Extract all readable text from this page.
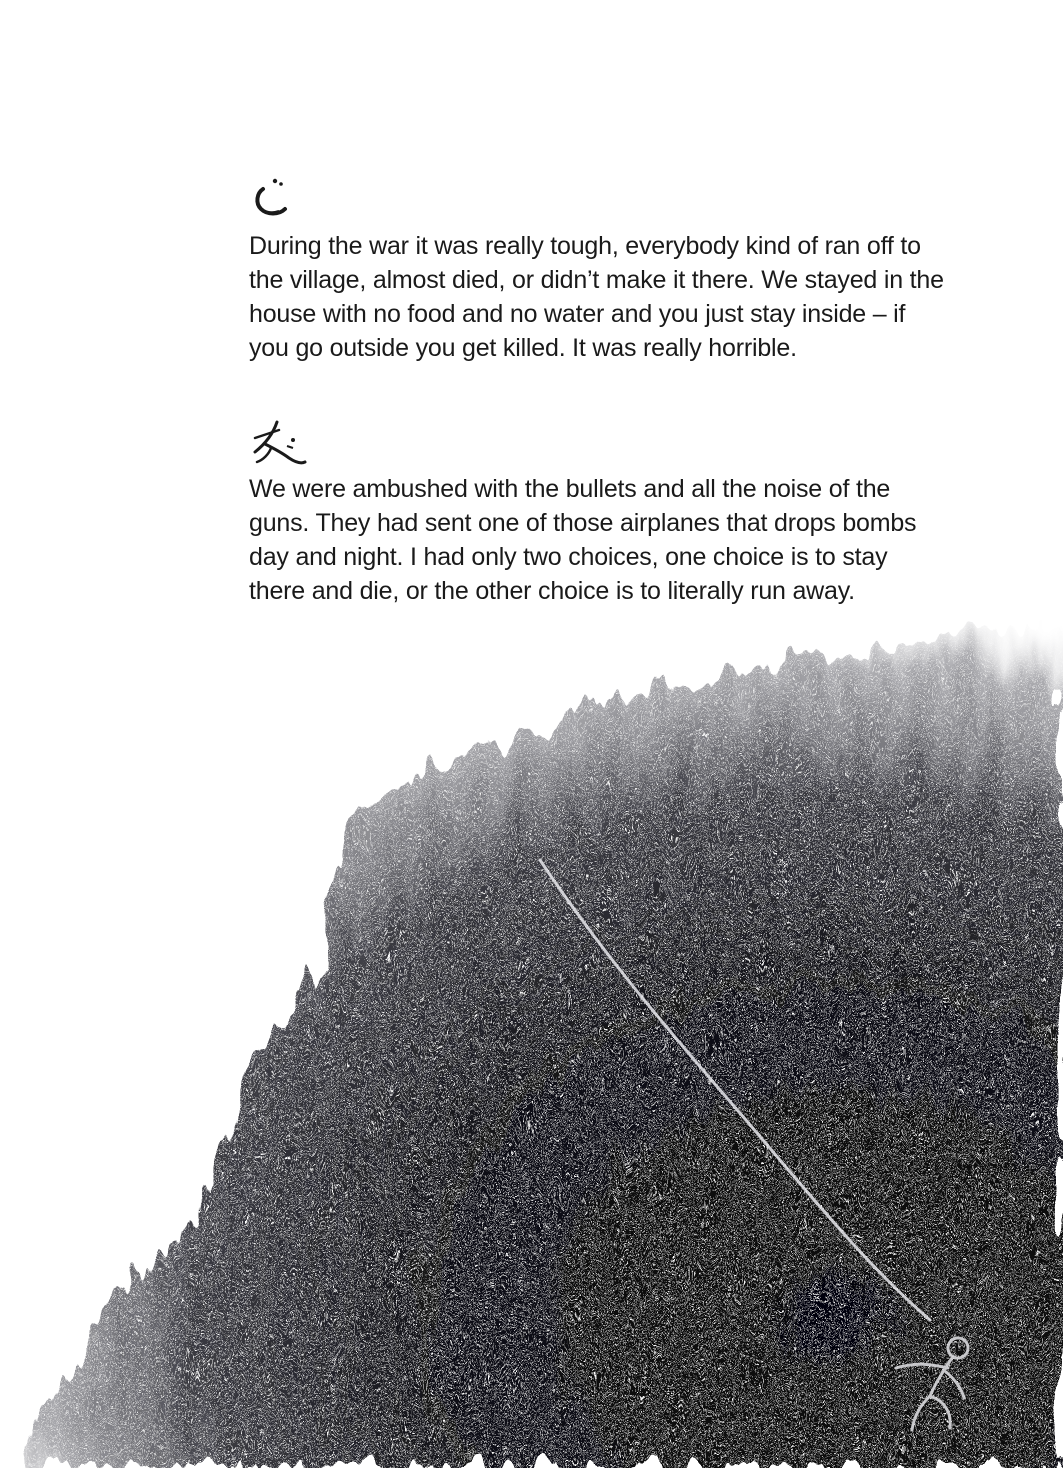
During the war it was really tough, everybody kind of ran off to the village, almost died, or didn’t make it there. We stayed in the house with no food and no water and you just stay inside – if you go outside you get killed. It was really horrible.

We were ambushed with the bullets and all the noise of the guns. They had sent one of those airplanes that drops bombs day and night. I had only two choices, one choice is to stay there and die, or the other choice is to literally run away.
